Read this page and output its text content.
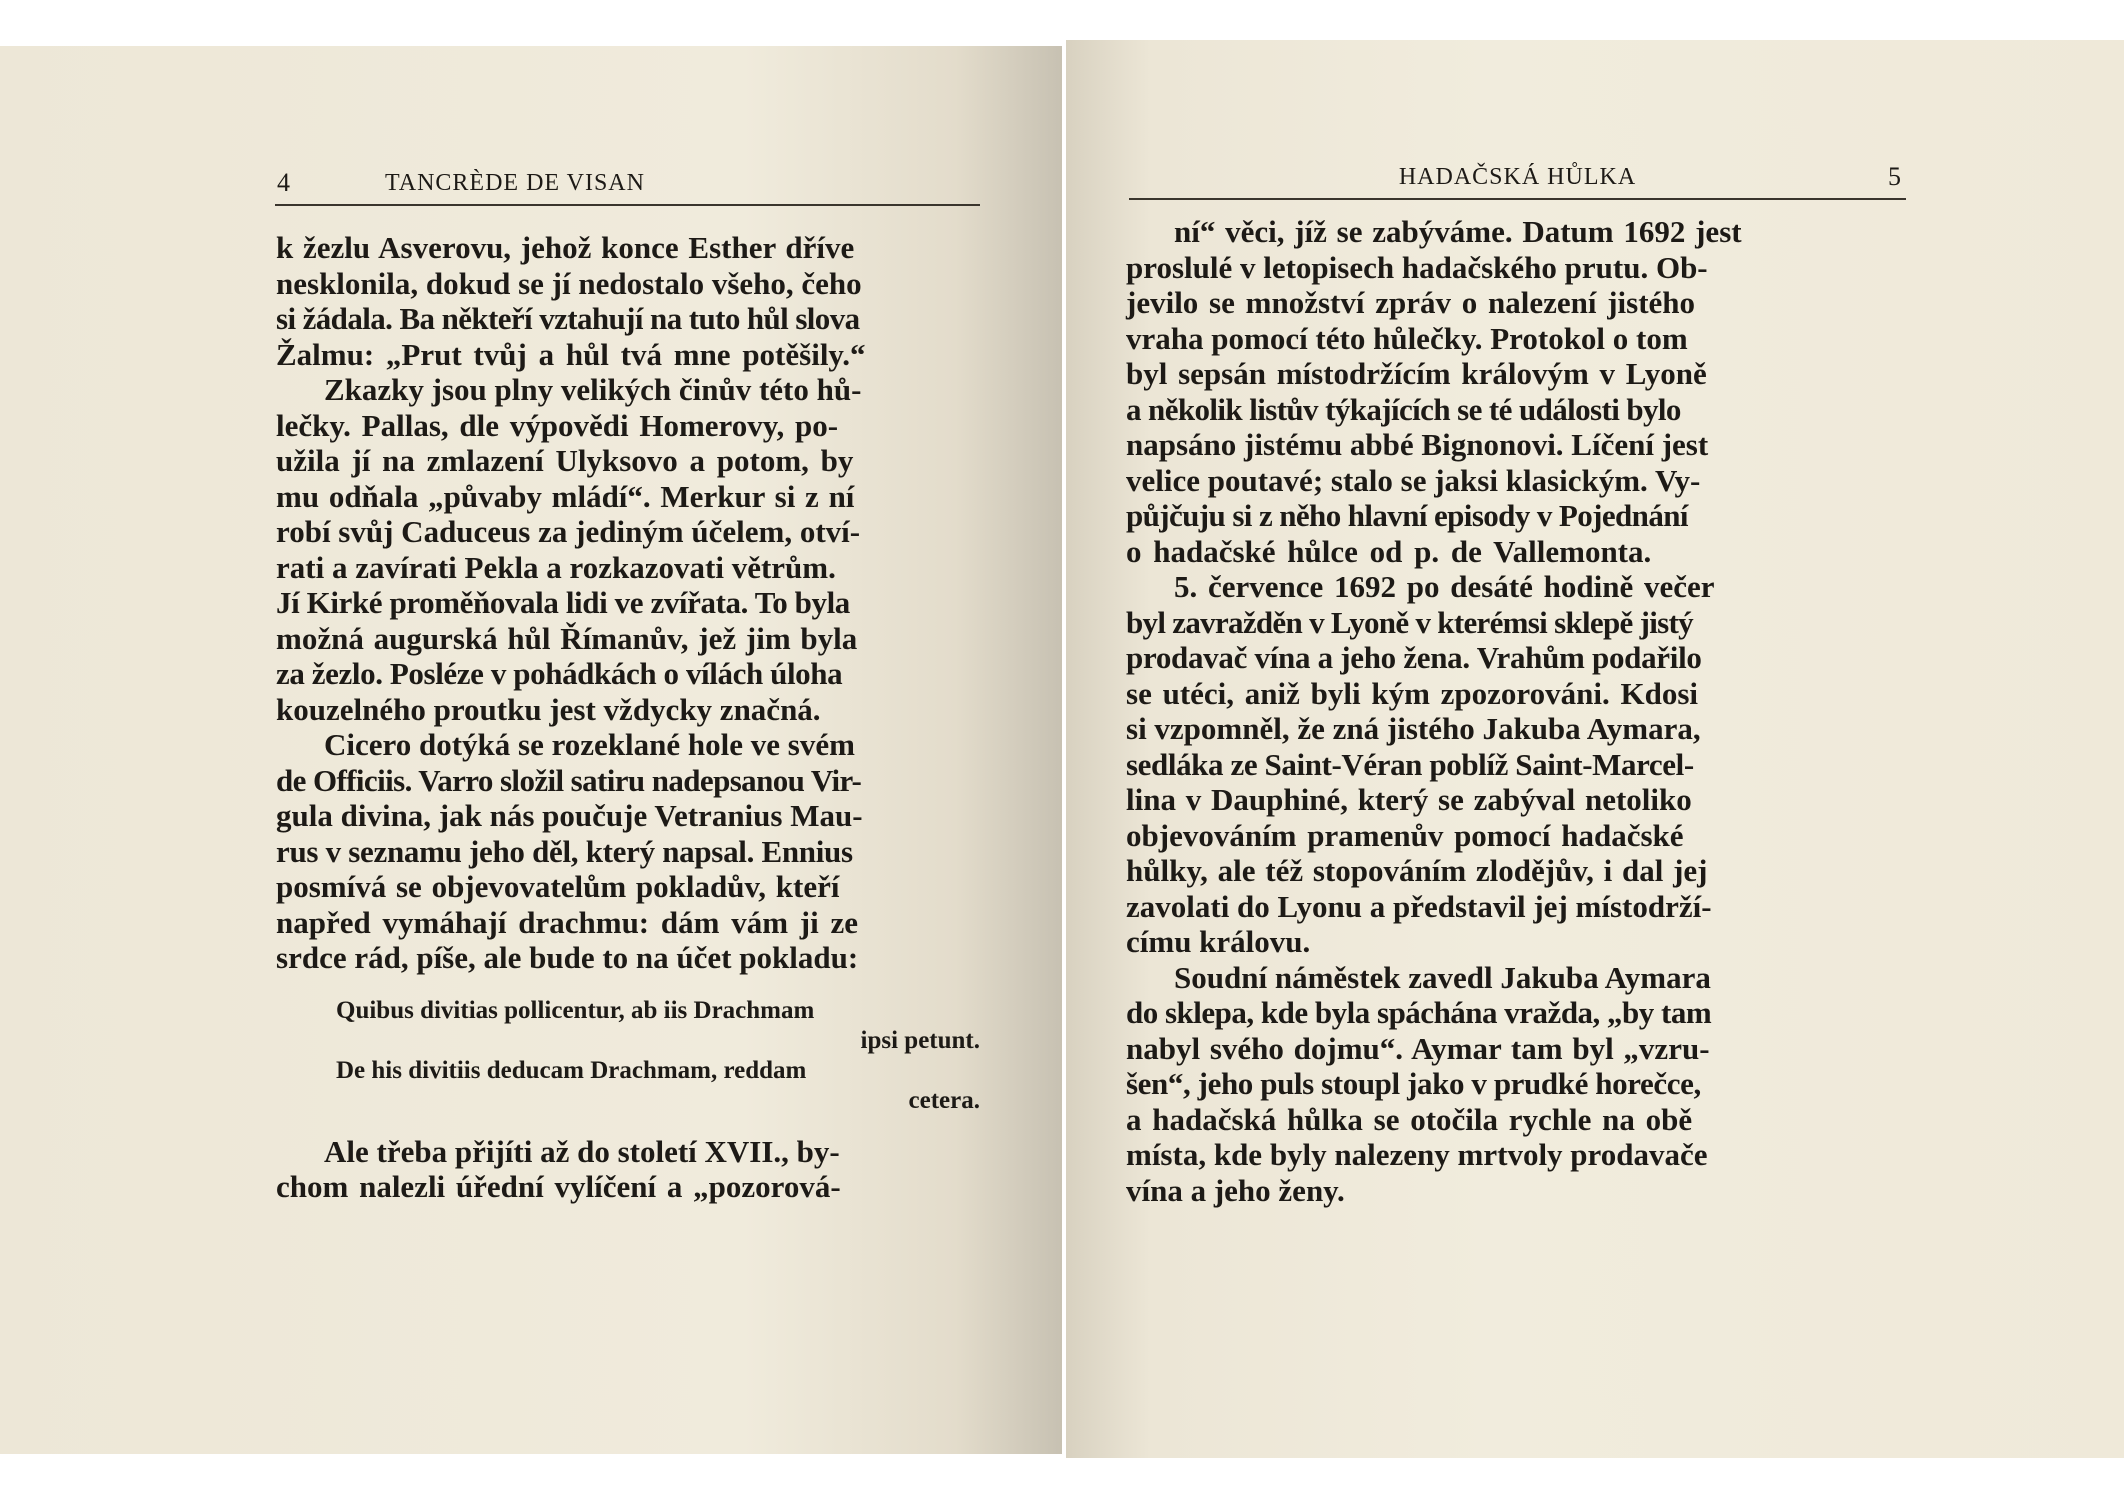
4	TANCRÈDE DE VISAN
k žezlu Asverovu, jehož konce Esther dříve
nesklonila, dokud se jí nedostalo všeho, čeho
si žádala. Ba někteří vztahují na tuto hůl slova
Žalmu: „Prut tvůj a hůl tvá mne potěšily.“
Zkazky jsou plny velikých činův této hů-
lečky. Pallas, dle výpovědi Homerovy, po-
užila jí na zmlazení Ulyksovo a potom, by
mu odňala „půvaby mládí“. Merkur si z ní
robí svůj Caduceus za jediným účelem, otví-
rati a zavírati Pekla a rozkazovati větrům.
Jí Kirké proměňovala lidi ve zvířata. To byla
možná augurská hůl Římanův, jež jim byla
za žezlo. Posléze v pohádkách o vílách úloha
kouzelného proutku jest vždycky značná.
Cicero dotýká se rozeklané hole ve svém
de Officiis. Varro složil satiru nadepsanou Vir-
gula divina, jak nás poučuje Vetranius Mau-
rus v seznamu jeho děl, který napsal. Ennius
posmívá se objevovatelům pokladův, kteří
napřed vymáhají drachmu: dám vám ji ze
srdce rád, píše, ale bude to na účet pokladu:
Quibus divitias pollicentur, ab iis Drachmam
ipsi petunt.
De his divitiis deducam Drachmam, reddam
cetera.
Ale třeba přijíti až do století XVII., by-
chom nalezli úřední vylíčení a „pozorová-
HADAČSKÁ HŮLKA	5
ní“ věci, jíž se zabýváme. Datum 1692 jest
proslulé v letopisech hadačského prutu. Ob-
jevilo se množství zpráv o nalezení jistého
vraha pomocí této hůlečky. Protokol o tom
byl sepsán místodržícím královým v Lyoně
a několik listův týkajících se té události bylo
napsáno jistému abbé Bignonovi. Líčení jest
velice poutavé; stalo se jaksi klasickým. Vy-
půjčuju si z něho hlavní episody v Pojednání
o hadačské hůlce od p. de Vallemonta.
5. července 1692 po desáté hodině večer
byl zavražděn v Lyoně v kterémsi sklepě jistý
prodavač vína a jeho žena. Vrahům podařilo
se utéci, aniž byli kým zpozorováni. Kdosi
si vzpomněl, že zná jistého Jakuba Aymara,
sedláka ze Saint-Véran poblíž Saint-Marcel-
lina v Dauphiné, který se zabýval netoliko
objevováním pramenův pomocí hadačské
hůlky, ale též stopováním zlodějův, i dal jej
zavolati do Lyonu a představil jej místodrží-
címu královu.
Soudní náměstek zavedl Jakuba Aymara
do sklepa, kde byla spáchána vražda, „by tam
nabyl svého dojmu“. Aymar tam byl „vzru-
šen“, jeho puls stoupl jako v prudké horečce,
a hadačská hůlka se otočila rychle na obě
místa, kde byly nalezeny mrtvoly prodavače
vína a jeho ženy.
